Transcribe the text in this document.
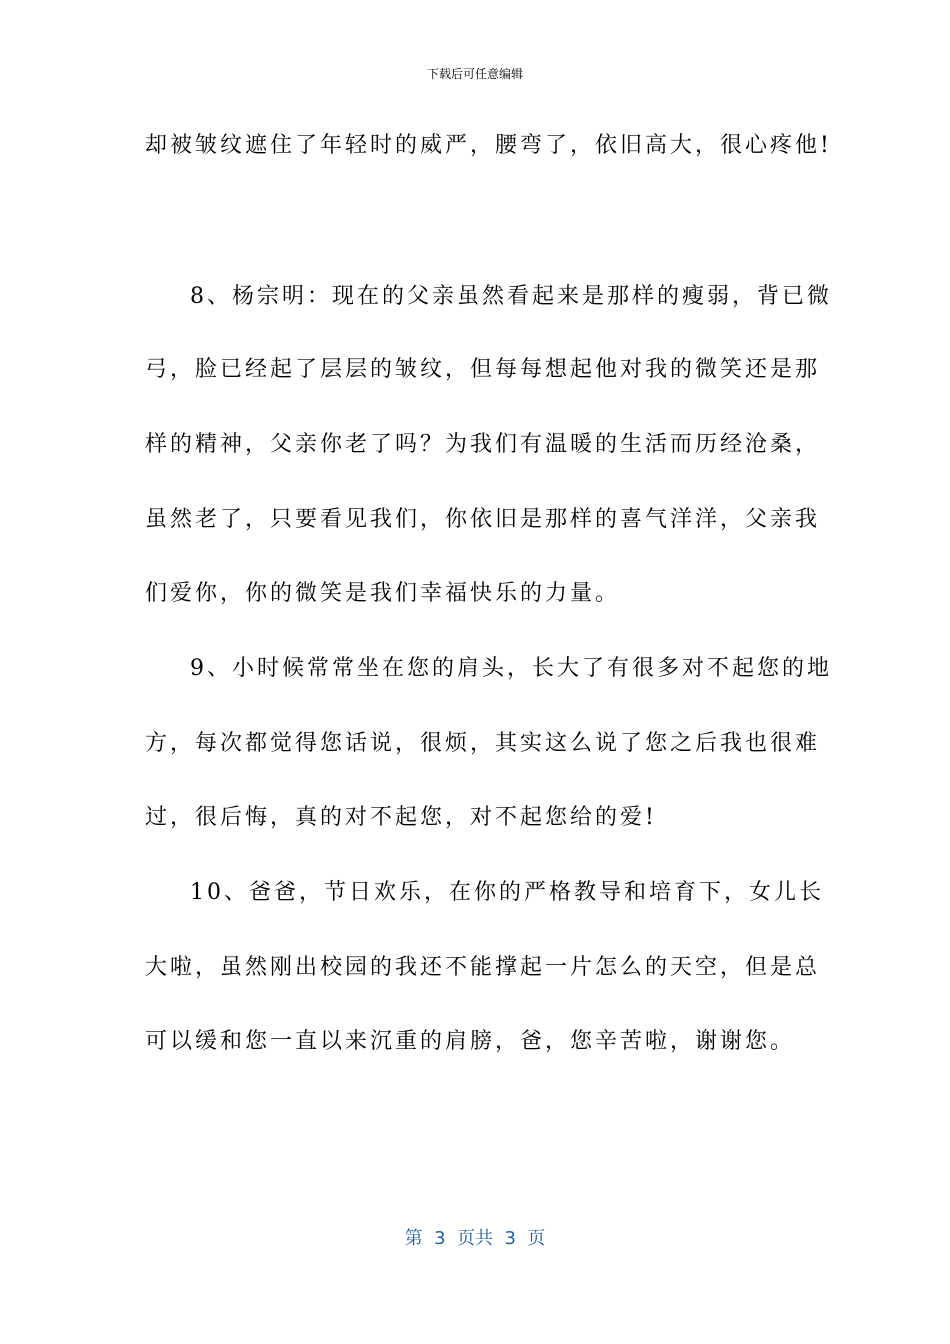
下载后可任意编辑
却被皱纹遮住了年轻时的威严，腰弯了，依旧高大，很心疼他!
8、杨宗明：现在的父亲虽然看起来是那样的瘦弱，背已微
弓，脸已经起了层层的皱纹，但每每想起他对我的微笑还是那
样的精神，父亲你老了吗？为我们有温暖的生活而历经沧桑，
虽然老了，只要看见我们，你依旧是那样的喜气洋洋，父亲我
们爱你，你的微笑是我们幸福快乐的力量。
9、小时候常常坐在您的肩头，长大了有很多对不起您的地
方，每次都觉得您话说，很烦，其实这么说了您之后我也很难
过，很后悔，真的对不起您，对不起您给的爱!
10、爸爸，节日欢乐，在你的严格教导和培育下，女儿长
大啦，虽然刚出校园的我还不能撑起一片怎么的天空，但是总
可以缓和您一直以来沉重的肩膀，爸，您辛苦啦，谢谢您。
第  3  页共  3  页
